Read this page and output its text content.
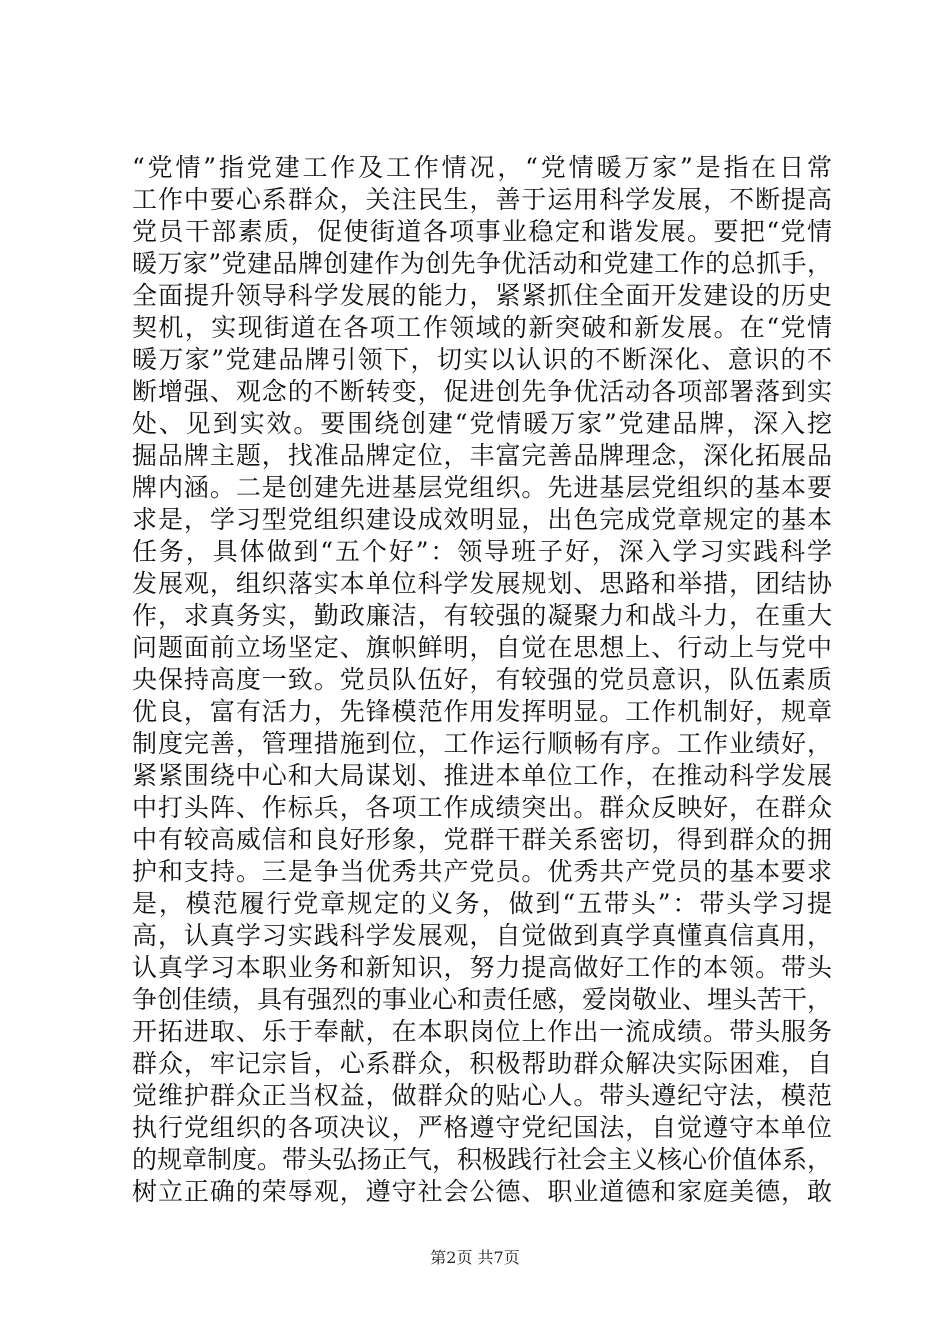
“党情”指党建工作及工作情况，“党情暖万家”是指在日常
工作中要心系群众，关注民生，善于运用科学发展，不断提高
党员干部素质，促使街道各项事业稳定和谐发展。要把“党情
暖万家”党建品牌创建作为创先争优活动和党建工作的总抓手，
全面提升领导科学发展的能力，紧紧抓住全面开发建设的历史
契机，实现街道在各项工作领域的新突破和新发展。在“党情
暖万家”党建品牌引领下，切实以认识的不断深化、意识的不
断增强、观念的不断转变，促进创先争优活动各项部署落到实
处、见到实效。要围绕创建“党情暖万家”党建品牌，深入挖
掘品牌主题，找准品牌定位，丰富完善品牌理念，深化拓展品
牌内涵。二是创建先进基层党组织。先进基层党组织的基本要
求是，学习型党组织建设成效明显，出色完成党章规定的基本
任务，具体做到“五个好”：领导班子好，深入学习实践科学
发展观，组织落实本单位科学发展规划、思路和举措，团结协
作，求真务实，勤政廉洁，有较强的凝聚力和战斗力，在重大
问题面前立场坚定、旗帜鲜明，自觉在思想上、行动上与党中
央保持高度一致。党员队伍好，有较强的党员意识，队伍素质
优良，富有活力，先锋模范作用发挥明显。工作机制好，规章
制度完善，管理措施到位，工作运行顺畅有序。工作业绩好，
紧紧围绕中心和大局谋划、推进本单位工作，在推动科学发展
中打头阵、作标兵，各项工作成绩突出。群众反映好，在群众
中有较高威信和良好形象，党群干群关系密切，得到群众的拥
护和支持。三是争当优秀共产党员。优秀共产党员的基本要求
是，模范履行党章规定的义务，做到“五带头”：带头学习提
高，认真学习实践科学发展观，自觉做到真学真懂真信真用，
认真学习本职业务和新知识，努力提高做好工作的本领。带头
争创佳绩，具有强烈的事业心和责任感，爱岗敬业、埋头苦干，
开拓进取、乐于奉献，在本职岗位上作出一流成绩。带头服务
群众，牢记宗旨，心系群众，积极帮助群众解决实际困难，自
觉维护群众正当权益，做群众的贴心人。带头遵纪守法，模范
执行党组织的各项决议，严格遵守党纪国法，自觉遵守本单位
的规章制度。带头弘扬正气，积极践行社会主义核心价值体系，
树立正确的荣辱观，遵守社会公德、职业道德和家庭美德，敢
第2页 共7页
